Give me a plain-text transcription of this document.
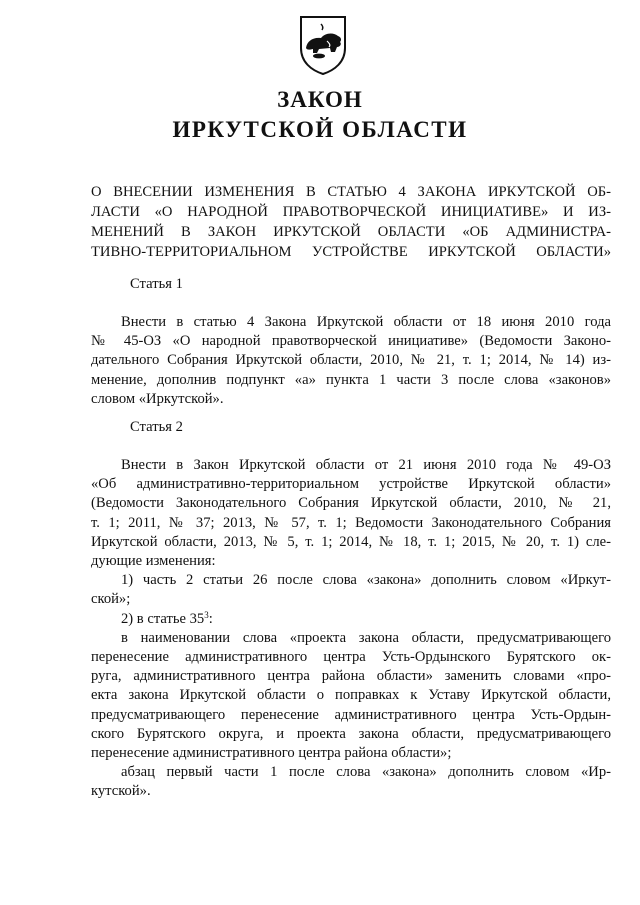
ЗАКОН
ИРКУТСКОЙ ОБЛАСТИ
О ВНЕСЕНИИ ИЗМЕНЕНИЯ В СТАТЬЮ 4 ЗАКОНА ИРКУТСКОЙ ОБ-
ЛАСТИ «О НАРОДНОЙ ПРАВОТВОРЧЕСКОЙ ИНИЦИАТИВЕ» И ИЗ-
МЕНЕНИЙ В ЗАКОН ИРКУТСКОЙ ОБЛАСТИ «ОБ АДМИНИСТРА-
ТИВНО-ТЕРРИТОРИАЛЬНОМ УСТРОЙСТВЕ ИРКУТСКОЙ ОБЛАСТИ»
Статья 1
Внести в статью 4 Закона Иркутской области от 18 июня 2010 года
№ 45-ОЗ «О народной правотворческой инициативе» (Ведомости Законо-
дательного Собрания Иркутской области, 2010, № 21, т. 1; 2014, № 14) из-
менение, дополнив подпункт «а» пункта 1 части 3 после слова «законов»
словом «Иркутской».
Статья 2
Внести в Закон Иркутской области от 21 июня 2010 года № 49-ОЗ
«Об административно-территориальном устройстве Иркутской области»
(Ведомости Законодательного Собрания Иркутской области, 2010, № 21,
т. 1; 2011, № 37; 2013, № 57, т. 1; Ведомости Законодательного Собрания
Иркутской области, 2013, № 5, т. 1; 2014, № 18, т. 1; 2015, № 20, т. 1) сле-
дующие изменения:
1) часть 2 статьи 26 после слова «закона» дополнить словом «Иркут-
ской»;
2) в статье $35^3$:
в наименовании слова «проекта закона области, предусматривающего
перенесение административного центра Усть-Ордынского Бурятского ок-
руга, административного центра района области» заменить словами «про-
екта закона Иркутской области о поправках к Уставу Иркутской области,
предусматривающего перенесение административного центра Усть-Ордын-
ского Бурятского округа, и проекта закона области, предусматривающего
перенесение административного центра района области»;
абзац первый части 1 после слова «закона» дополнить словом «Ир-
кутской».
